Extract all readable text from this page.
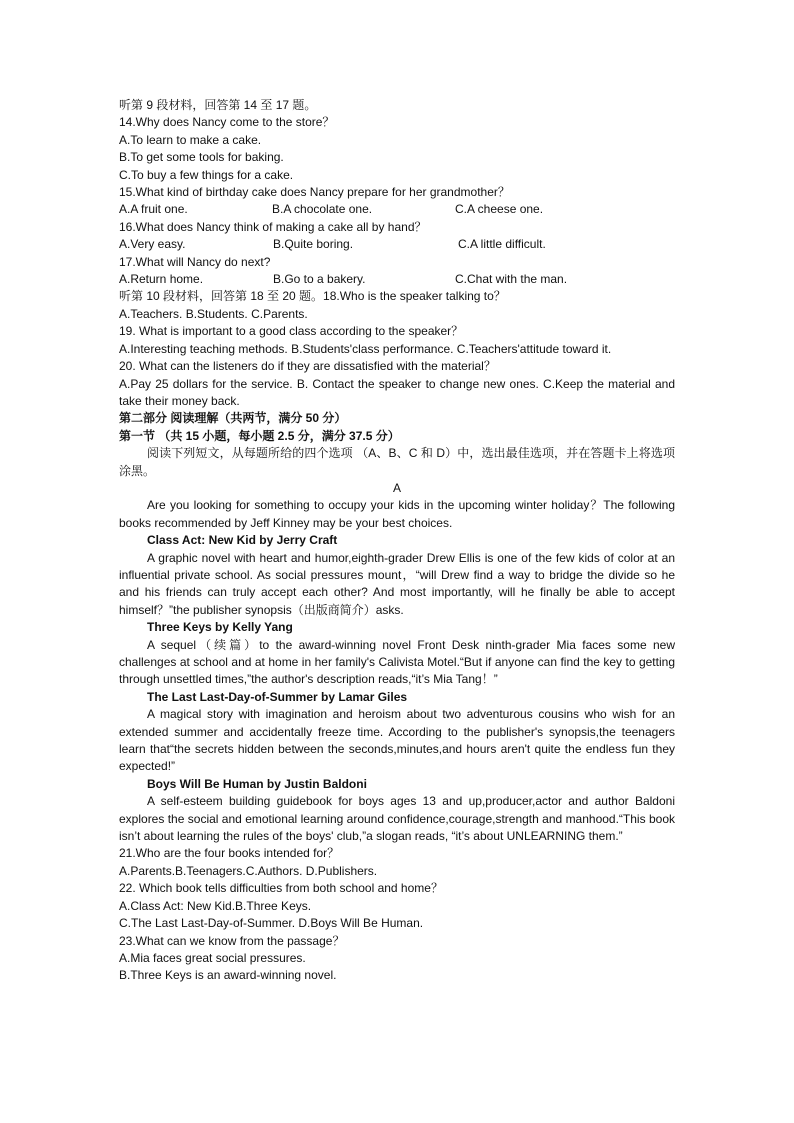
听第 9 段材料，回答第 14 至 17 题。
14.Why does Nancy come to the store？
A.To learn to make a cake.
B.To get some tools for baking.
C.To buy a few things for a cake.
15.What kind of birthday cake does Nancy prepare for her grandmother？
A.A fruit one.	B.A chocolate one.	C.A cheese one.
16.What does Nancy think of making a cake all by hand？
A.Very easy.	B.Quite boring.	C.A little difficult.
17.What will Nancy do next?
A.Return home.	B.Go to a bakery.	C.Chat with the man.
听第 10 段材料，回答第 18 至 20 题。18.Who is the speaker talking to？
A.Teachers. B.Students. C.Parents.
19. What is important to a good class according to the speaker？
A.Interesting teaching methods. B.Students'class performance. C.Teachers'attitude toward it.
20. What can the listeners do if they are dissatisfied with the material？
A.Pay 25 dollars for the service. B. Contact the speaker to change new ones. C.Keep the material and take their money back.
第二部分 阅读理解（共两节，满分 50 分）
第一节 （共 15 小题，每小题 2.5 分，满分 37.5 分）
阅读下列短文，从每题所给的四个选项 （A、B、C 和 D）中，选出最佳选项，并在答题卡上将选项涂黑。
A
Are you looking for something to occupy your kids in the upcoming winter holiday？The following books recommended by Jeff Kinney may be your best choices.
Class Act: New Kid by Jerry Craft
A graphic novel with heart and humor,eighth-grader Drew Ellis is one of the few kids of color at an influential private school. As social pressures mount，“will Drew find a way to bridge the divide so he and his friends can truly accept each other? And most importantly, will he finally be able to accept himself？”the publisher synopsis（出版商简介）asks.
Three Keys by Kelly Yang
A sequel（续篇）to the award-winning novel Front Desk ninth-grader Mia faces some new challenges at school and at home in her family's Calivista Motel.“But if anyone can find the key to getting through unsettled times,”the author's description reads,“it’s Mia Tang！”
The Last Last-Day-of-Summer by Lamar Giles
A magical story with imagination and heroism about two adventurous cousins who wish for an extended summer and accidentally freeze time. According to the publisher's synopsis,the teenagers learn that“the secrets hidden between the seconds,minutes,and hours aren't quite the endless fun they expected!”
Boys Will Be Human by Justin Baldoni
A self-esteem building guidebook for boys ages 13 and up,producer,actor and author Baldoni explores the social and emotional learning around confidence,courage,strength and manhood.“This book isn’t about learning the rules of the boys' club,”a slogan reads, “it’s about UNLEARNING them.”
21.Who are the four books intended for？
A.Parents.B.Teenagers.C.Authors. D.Publishers.
22. Which book tells difficulties from both school and home？
A.Class Act: New Kid.B.Three Keys.
C.The Last Last-Day-of-Summer. D.Boys Will Be Human.
23.What can we know from the passage？
A.Mia faces great social pressures.
B.Three Keys is an award-winning novel.
